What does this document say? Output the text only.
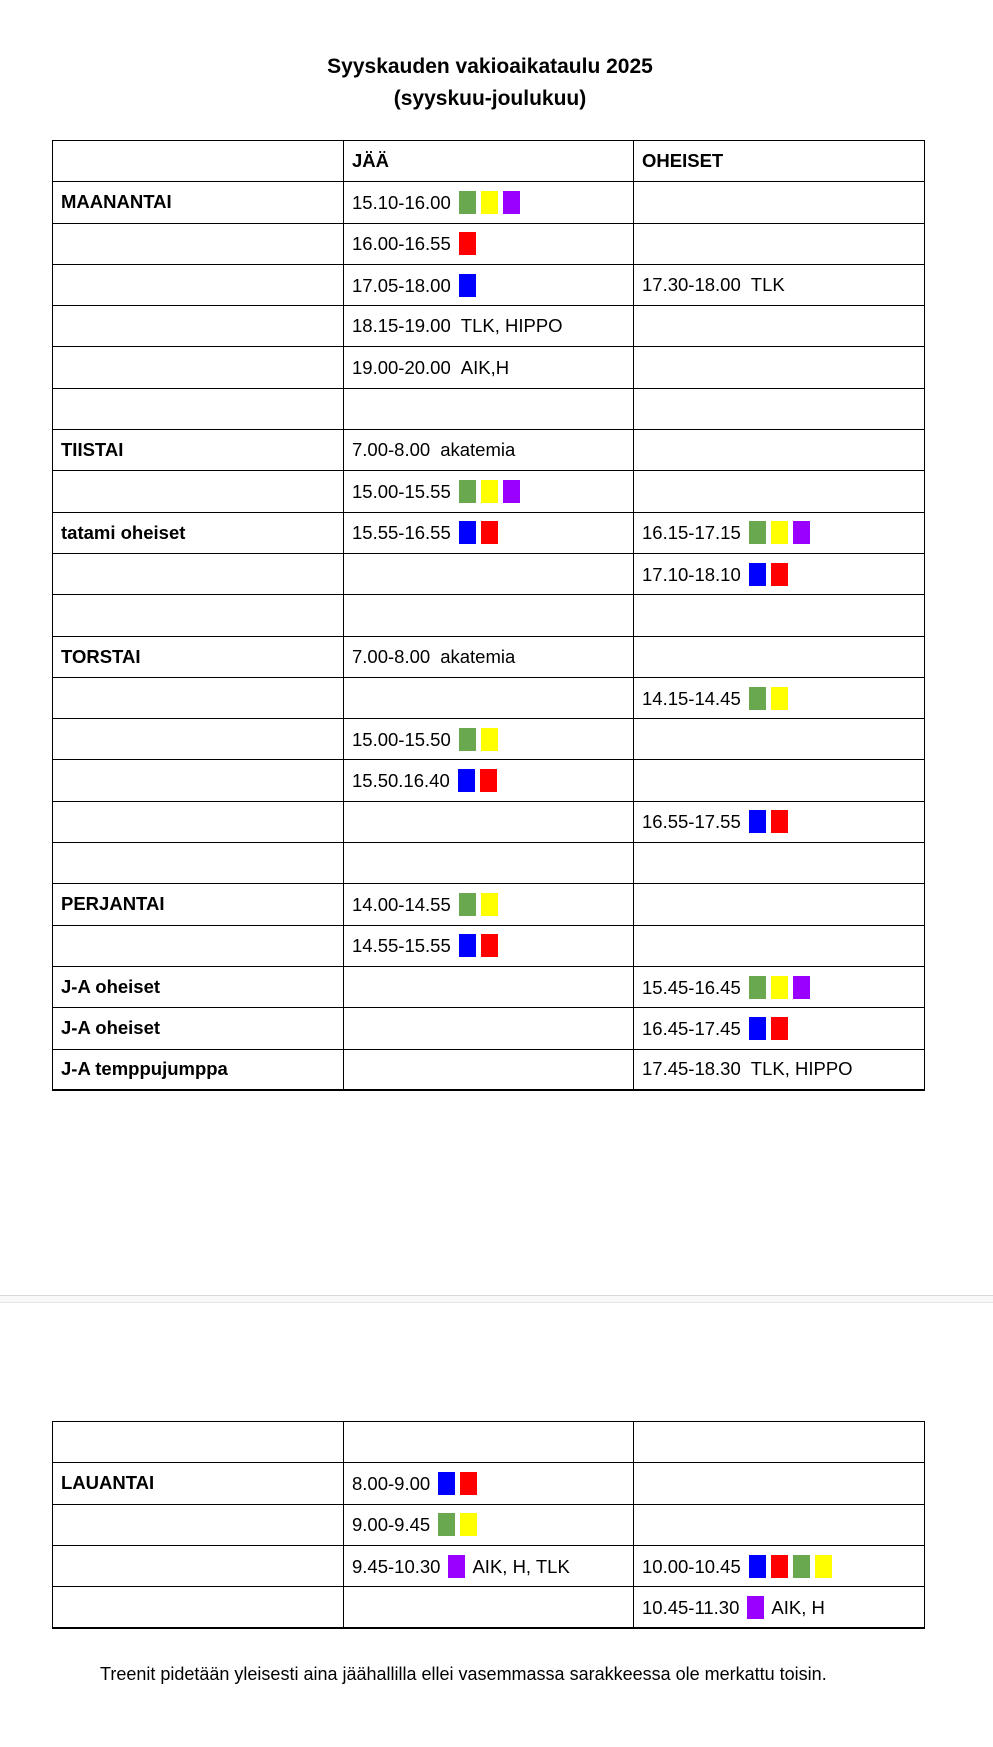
Syyskauden vakioaikataulu 2025
(syyskuu-joulukuu)
	JÄÄ	OHEISET
MAANANTAI	15.10-16.00	
	16.00-16.55	
	17.05-18.00	17.30-18.00 TLK
	18.15-19.00 TLK, HIPPO	
	19.00-20.00 AIK,H	

TIISTAI	7.00-8.00 akatemia	
	15.00-15.55	
tatami oheiset	15.55-16.55	16.15-17.15
		17.10-18.10

TORSTAI	7.00-8.00 akatemia	
		14.15-14.45
	15.00-15.50	
	15.50.16.40	
		16.55-17.55

PERJANTAI	14.00-14.55	
	14.55-15.55	
J-A oheiset		15.45-16.45
J-A oheiset		16.45-17.45
J-A temppujumppa		17.45-18.30 TLK, HIPPO

LAUANTAI	8.00-9.00	
	9.00-9.45	
	9.45-10.30 AIK, H, TLK	10.00-10.45
		10.45-11.30 AIK, H
Treenit pidetään yleisesti aina jäähallilla ellei vasemmassa sarakkeessa ole merkattu toisin.
